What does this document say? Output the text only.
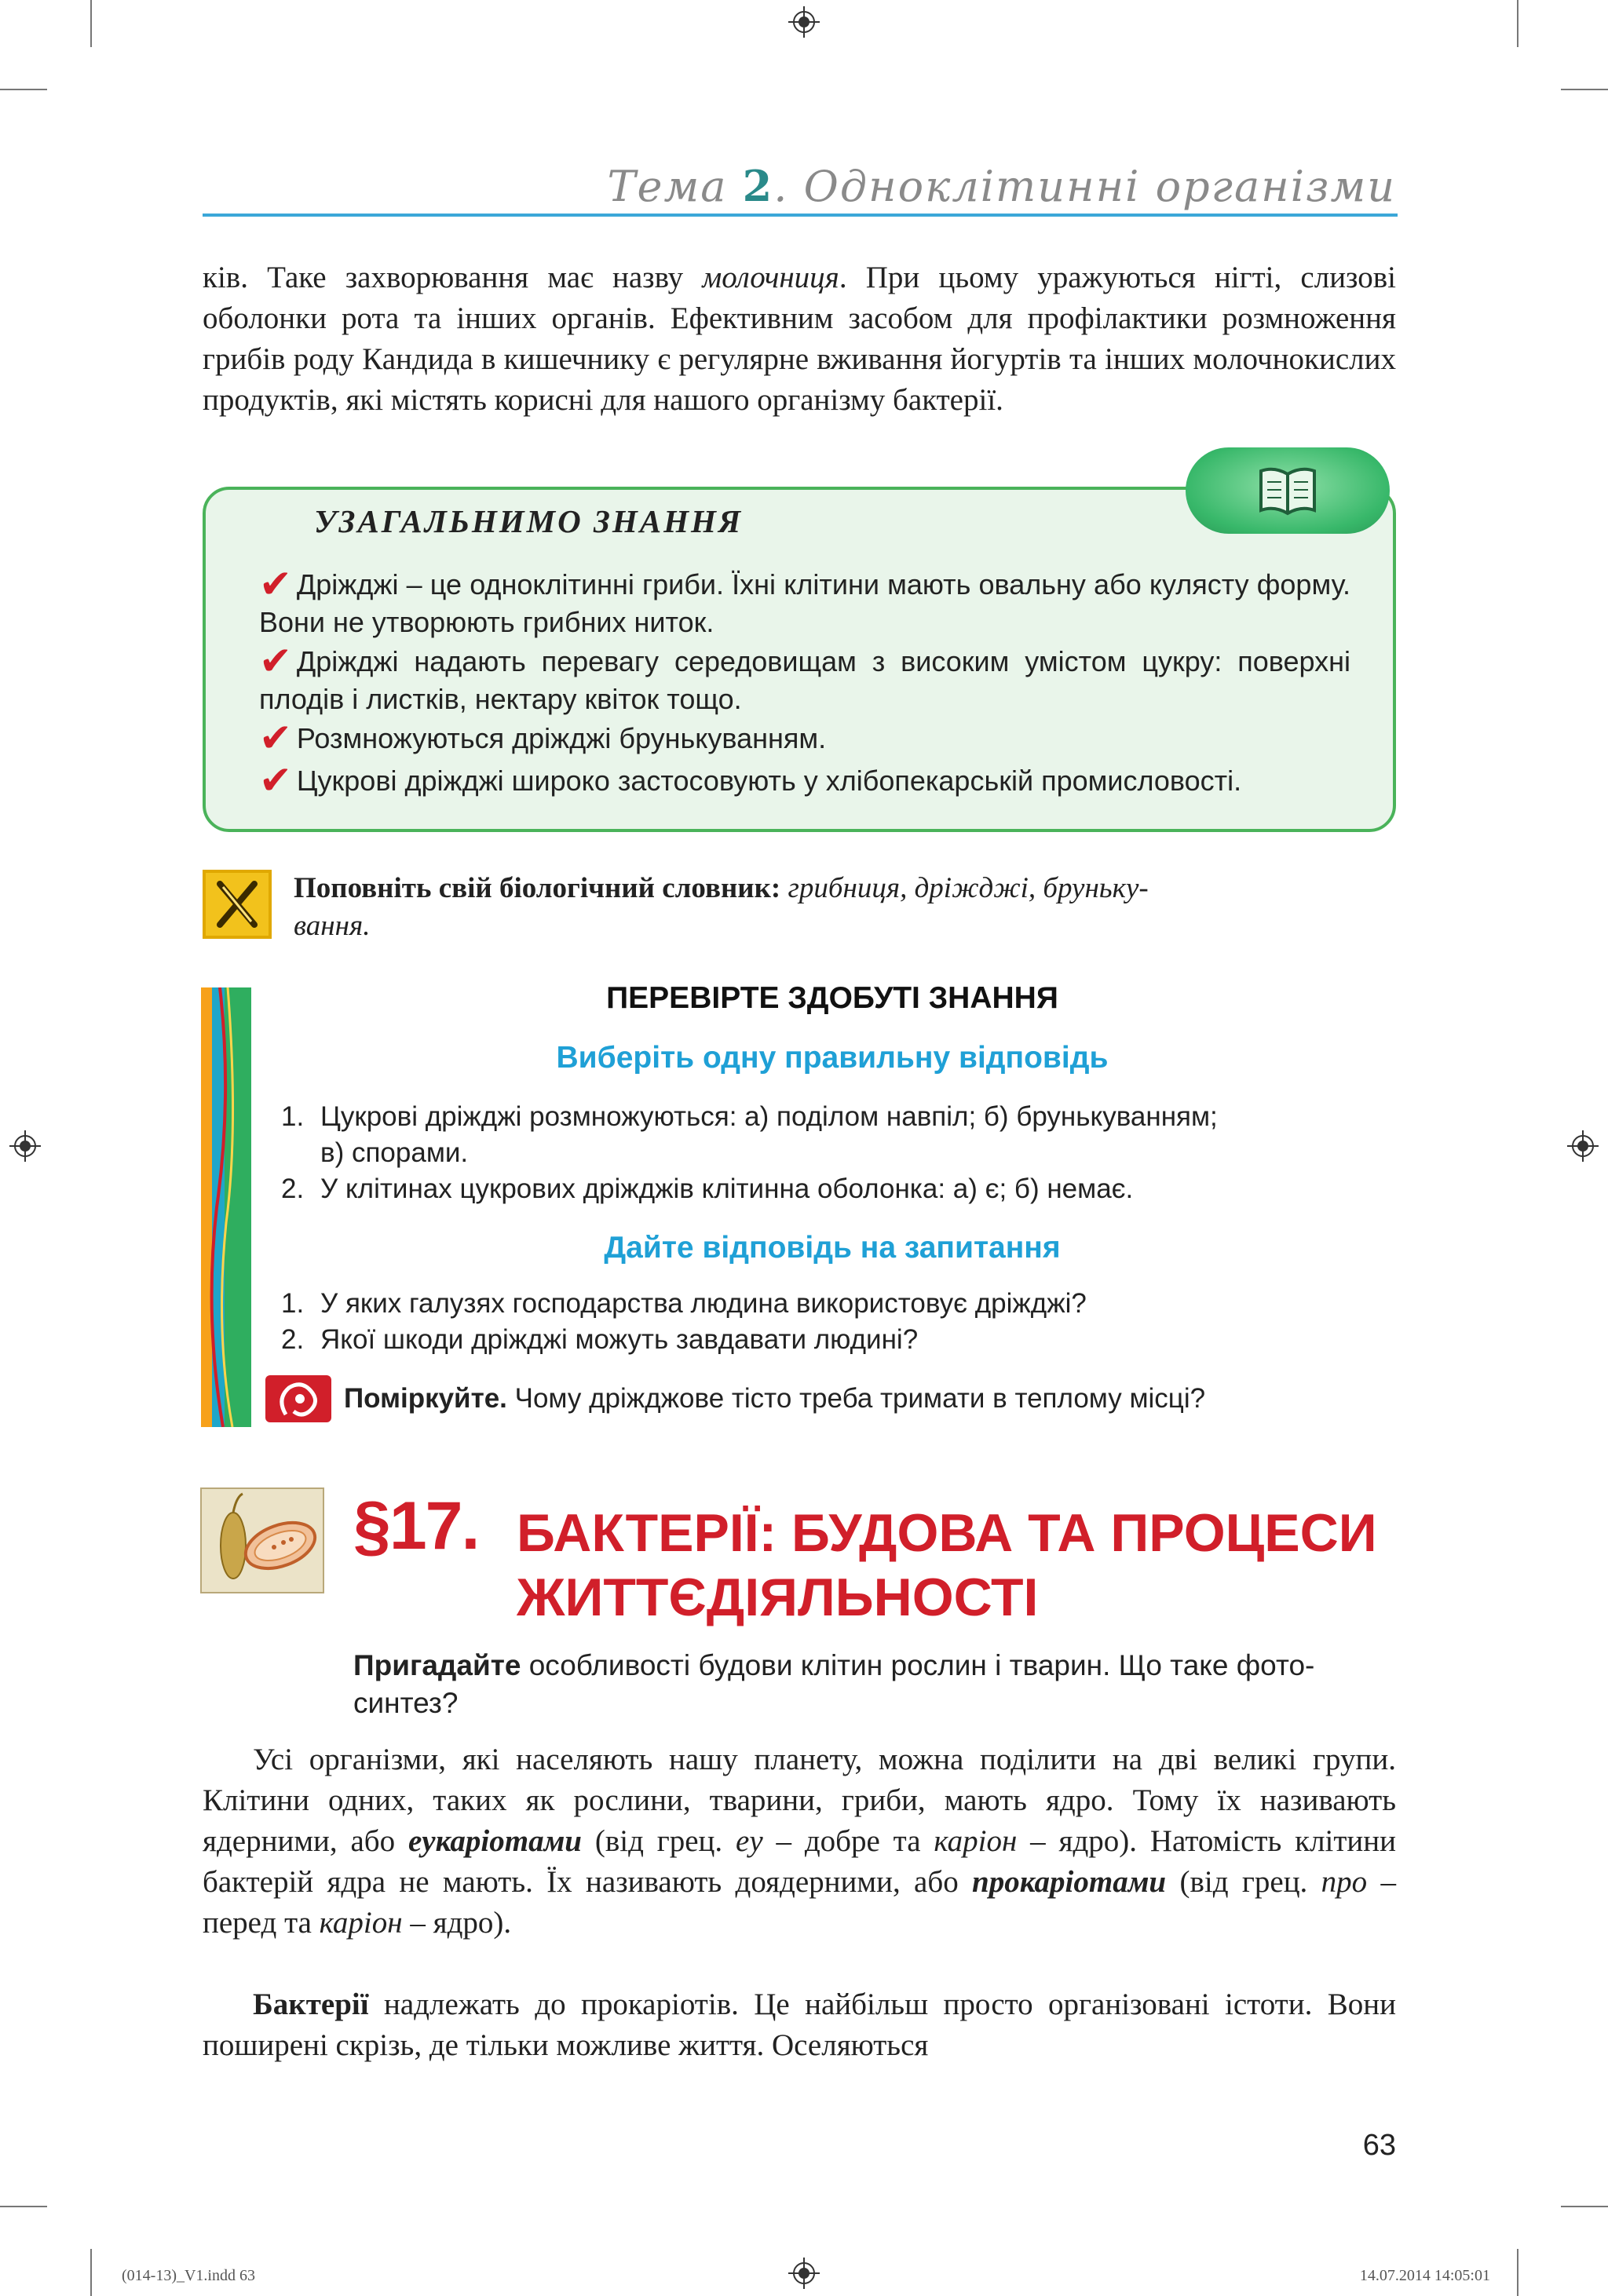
Тема 2. Одноклітинні організми

ків. Таке захворювання має назву молочниця. При цьому уражуються нігті, слизові оболонки рота та інших органів. Ефективним засобом для профілактики розмноження грибів роду Кандида в кишечнику є регулярне вживання йогуртів та інших молочнокислих продуктів, які містять корисні для нашого організму бактерії.

УЗАГАЛЬНИМО ЗНАННЯ

✔ Дріжджі – це одноклітинні гриби. Їхні клітини мають овальну або кулясту форму. Вони не утворюють грибних ниток.

✔ Дріжджі надають перевагу середовищам з високим умістом цукру: поверхні плодів і листків, нектару квіток тощо.

✔ Розмножуються дріжджі брунькуванням.

✔ Цукрові дріжджі широко застосовують у хлібопекарській промисловості.

Поповніть свій біологічний словник: грибниця, дріжджі, бруньку-

вання.

ПЕРЕВІРТЕ ЗДОБУТІ ЗНАННЯ
Виберіть одну правильну відповідь
1. Цукрові дріжджі розмножуються: а) поділом навпіл; б) брунькуванням;
в) спорами.
2. У клітинах цукрових дріжджів клітинна оболонка: а) є; б) немає.
Дайте відповідь на запитання
1. У яких галузях господарства людина використовує дріжджі?
2. Якої шкоди дріжджі можуть завдавати людині?

Поміркуйте. Чому дріжджове тісто треба тримати в теплому місці?

§17. БАКТЕРІЇ: БУДОВА ТА ПРОЦЕСИ
ЖИТТЄДІЯЛЬНОСТІ

Пригадайте особливості будови клітин рослин і тварин. Що таке фото-

синтез?

Усі організми, які населяють нашу планету, можна поділити на дві великі групи. Клітини одних, таких як рослини, тварини, гриби, мають ядро. Тому їх називають ядерними, або еукаріотами (від грец. еу – добре та каріон – ядро). Натомість клітини бактерій ядра не мають. Їх називають доядерними, або прокаріотами (від грец. про – перед та каріон – ядро).

Бактерії надлежать до прокаріотів. Це найбільш просто організовані істоти. Вони поширені скрізь, де тільки можливе життя. Оселяються

63
(014-13)_V1.indd 63	14.07.2014 14:05:01
